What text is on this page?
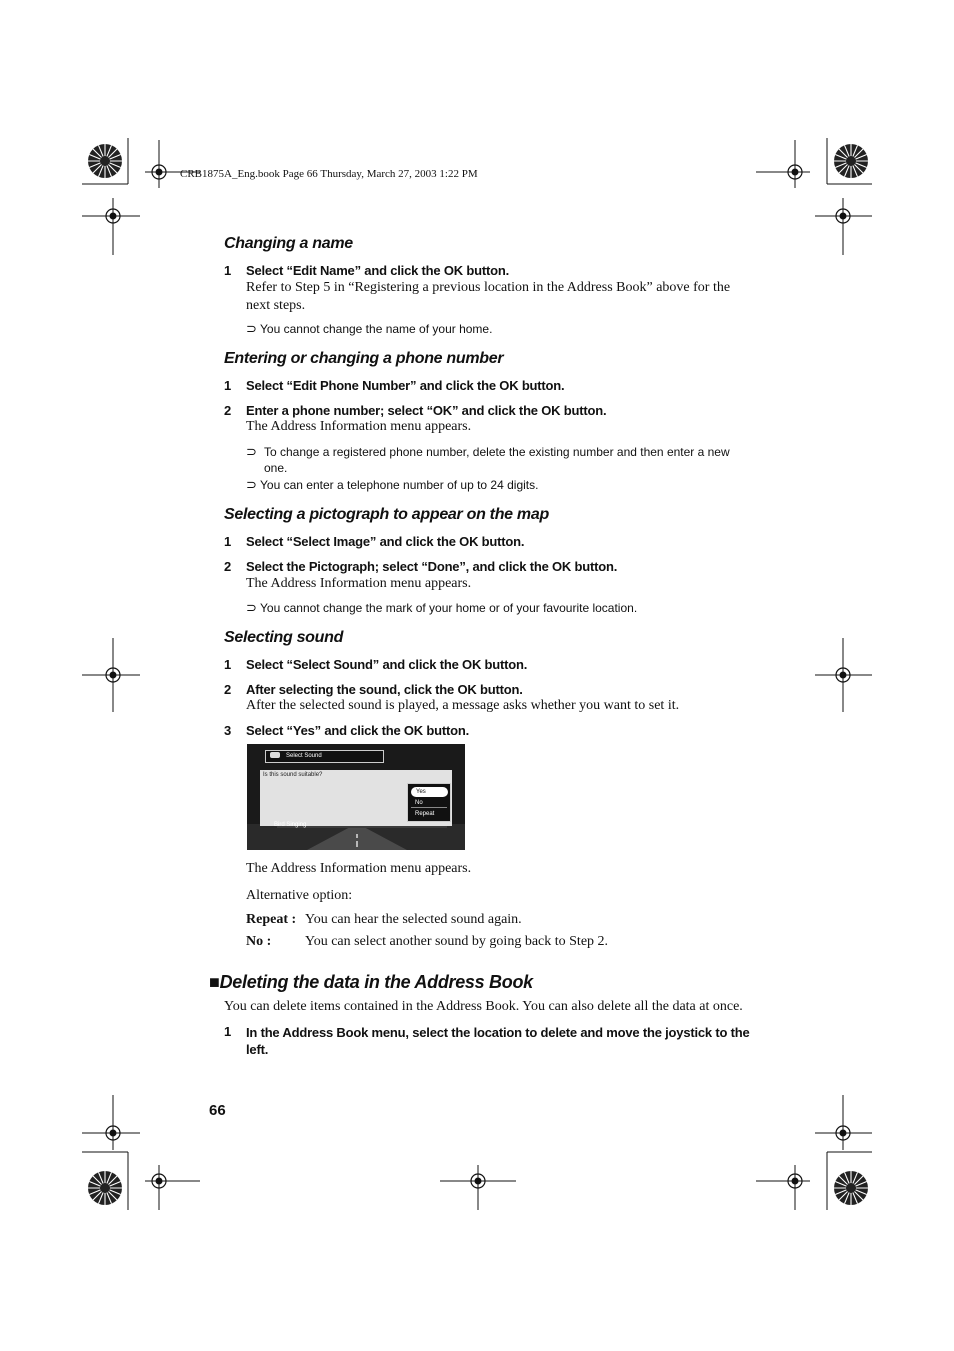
CRB1875A_Eng.book Page 66 Thursday, March 27, 2003 1:22 PM
Changing a name
1 Select “Edit Name” and click the OK button.
Refer to Step 5 in “Registering a previous location in the Address Book” above for the next steps.
⊃ You cannot change the name of your home.
Entering or changing a phone number
1 Select “Edit Phone Number” and click the OK button.
2 Enter a phone number; select “OK” and click the OK button.
The Address Information menu appears.
⊃ To change a registered phone number, delete the existing number and then enter a new one.
⊃ You can enter a telephone number of up to 24 digits.
Selecting a pictograph to appear on the map
1 Select “Select Image” and click the OK button.
2 Select the Pictograph; select “Done”, and click the OK button.
The Address Information menu appears.
⊃ You cannot change the mark of your home or of your favourite location.
Selecting sound
1 Select “Select Sound” and click the OK button.
2 After selecting the sound, click the OK button.
After the selected sound is played, a message asks whether you want to set it.
3 Select “Yes” and click the OK button.
Select Sound
Is this sound suitable?
Yes
No
Repeat
Bird Singing
The Address Information menu appears.
Alternative option:
Repeat : You can hear the selected sound again.
No : You can select another sound by going back to Step 2.
■Deleting the data in the Address Book
You can delete items contained in the Address Book. You can also delete all the data at once.
1 In the Address Book menu, select the location to delete and move the joystick to the left.
66
